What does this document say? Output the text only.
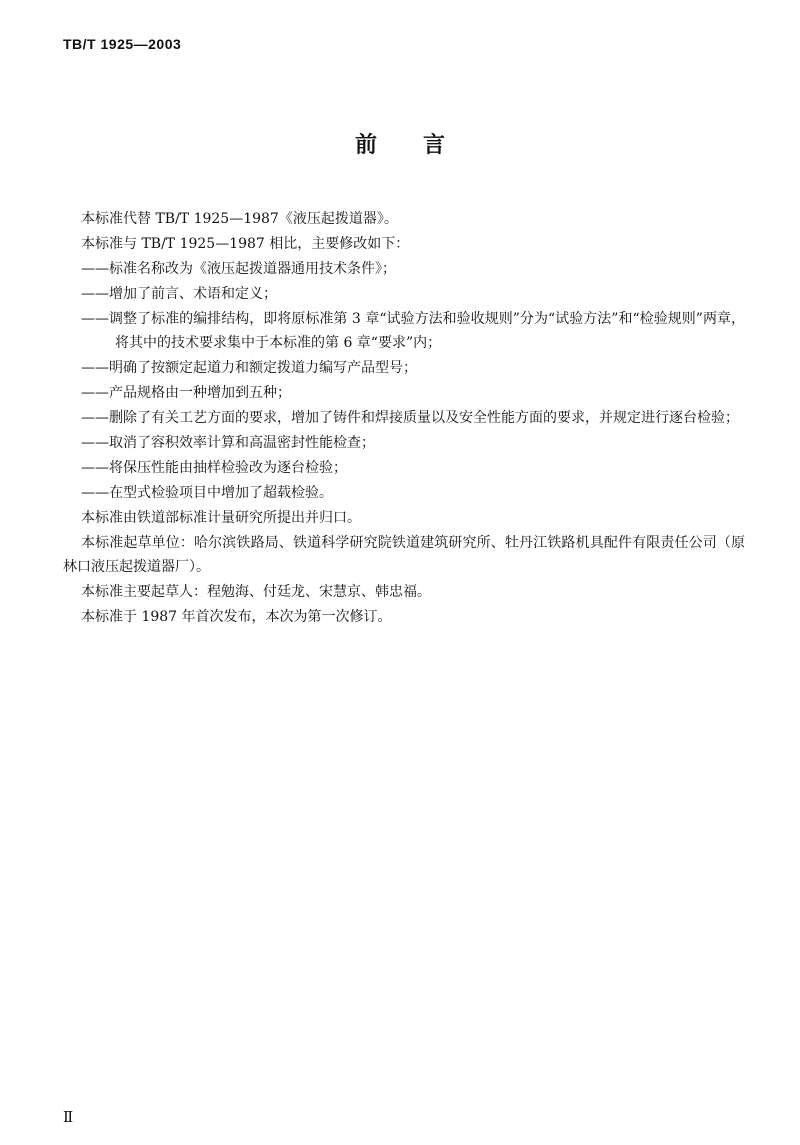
TB/T 1925—2003

前言

本标准代替 TB/T 1925—1987《液压起拨道器》。

本标准与 TB/T 1925—1987 相比，主要修改如下：

——标准名称改为《液压起拨道器通用技术条件》；

——增加了前言、术语和定义；

——调整了标准的编排结构，即将原标准第 3 章“试验方法和验收规则”分为“试验方法”和“检验规则”两章，将其中的技术要求集中于本标准的第 6 章“要求”内；

——明确了按额定起道力和额定拨道力编写产品型号；

——产品规格由一种增加到五种；

——删除了有关工艺方面的要求，增加了铸件和焊接质量以及安全性能方面的要求，并规定进行逐台检验；

——取消了容积效率计算和高温密封性能检查；

——将保压性能由抽样检验改为逐台检验；

——在型式检验项目中增加了超载检验。

本标准由铁道部标准计量研究所提出并归口。

本标准起草单位：哈尔滨铁路局、铁道科学研究院铁道建筑研究所、牡丹江铁路机具配件有限责任公司（原林口液压起拨道器厂）。

本标准主要起草人：程勉海、付廷龙、宋慧京、韩忠福。

本标准于 1987 年首次发布，本次为第一次修订。

Ⅱ
